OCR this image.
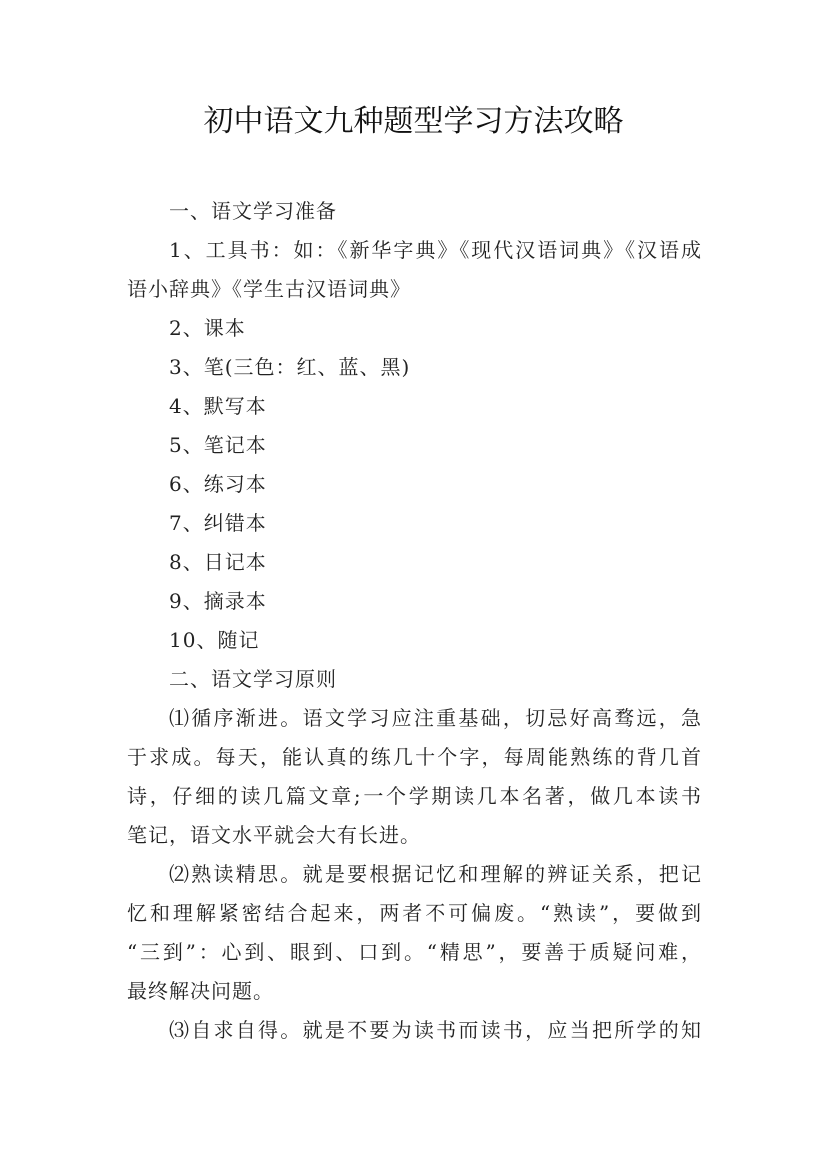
初中语文九种题型学习方法攻略
一、语文学习准备
1、工具书：如：《新华字典》《现代汉语词典》《汉语成
语小辞典》《学生古汉语词典》
2、课本
3、笔(三色：红、蓝、黑)
4、默写本
5、笔记本
6、练习本
7、纠错本
8、日记本
9、摘录本
10、随记
二、语文学习原则
⑴循序渐进。语文学习应注重基础，切忌好高骛远，急
于求成。每天，能认真的练几十个字，每周能熟练的背几首
诗，仔细的读几篇文章;一个学期读几本名著，做几本读书
笔记，语文水平就会大有长进。
⑵熟读精思。就是要根据记忆和理解的辨证关系，把记
忆和理解紧密结合起来，两者不可偏废。“熟读”，要做到
“三到”：心到、眼到、口到。“精思”，要善于质疑问难，
最终解决问题。
⑶自求自得。就是不要为读书而读书，应当把所学的知
